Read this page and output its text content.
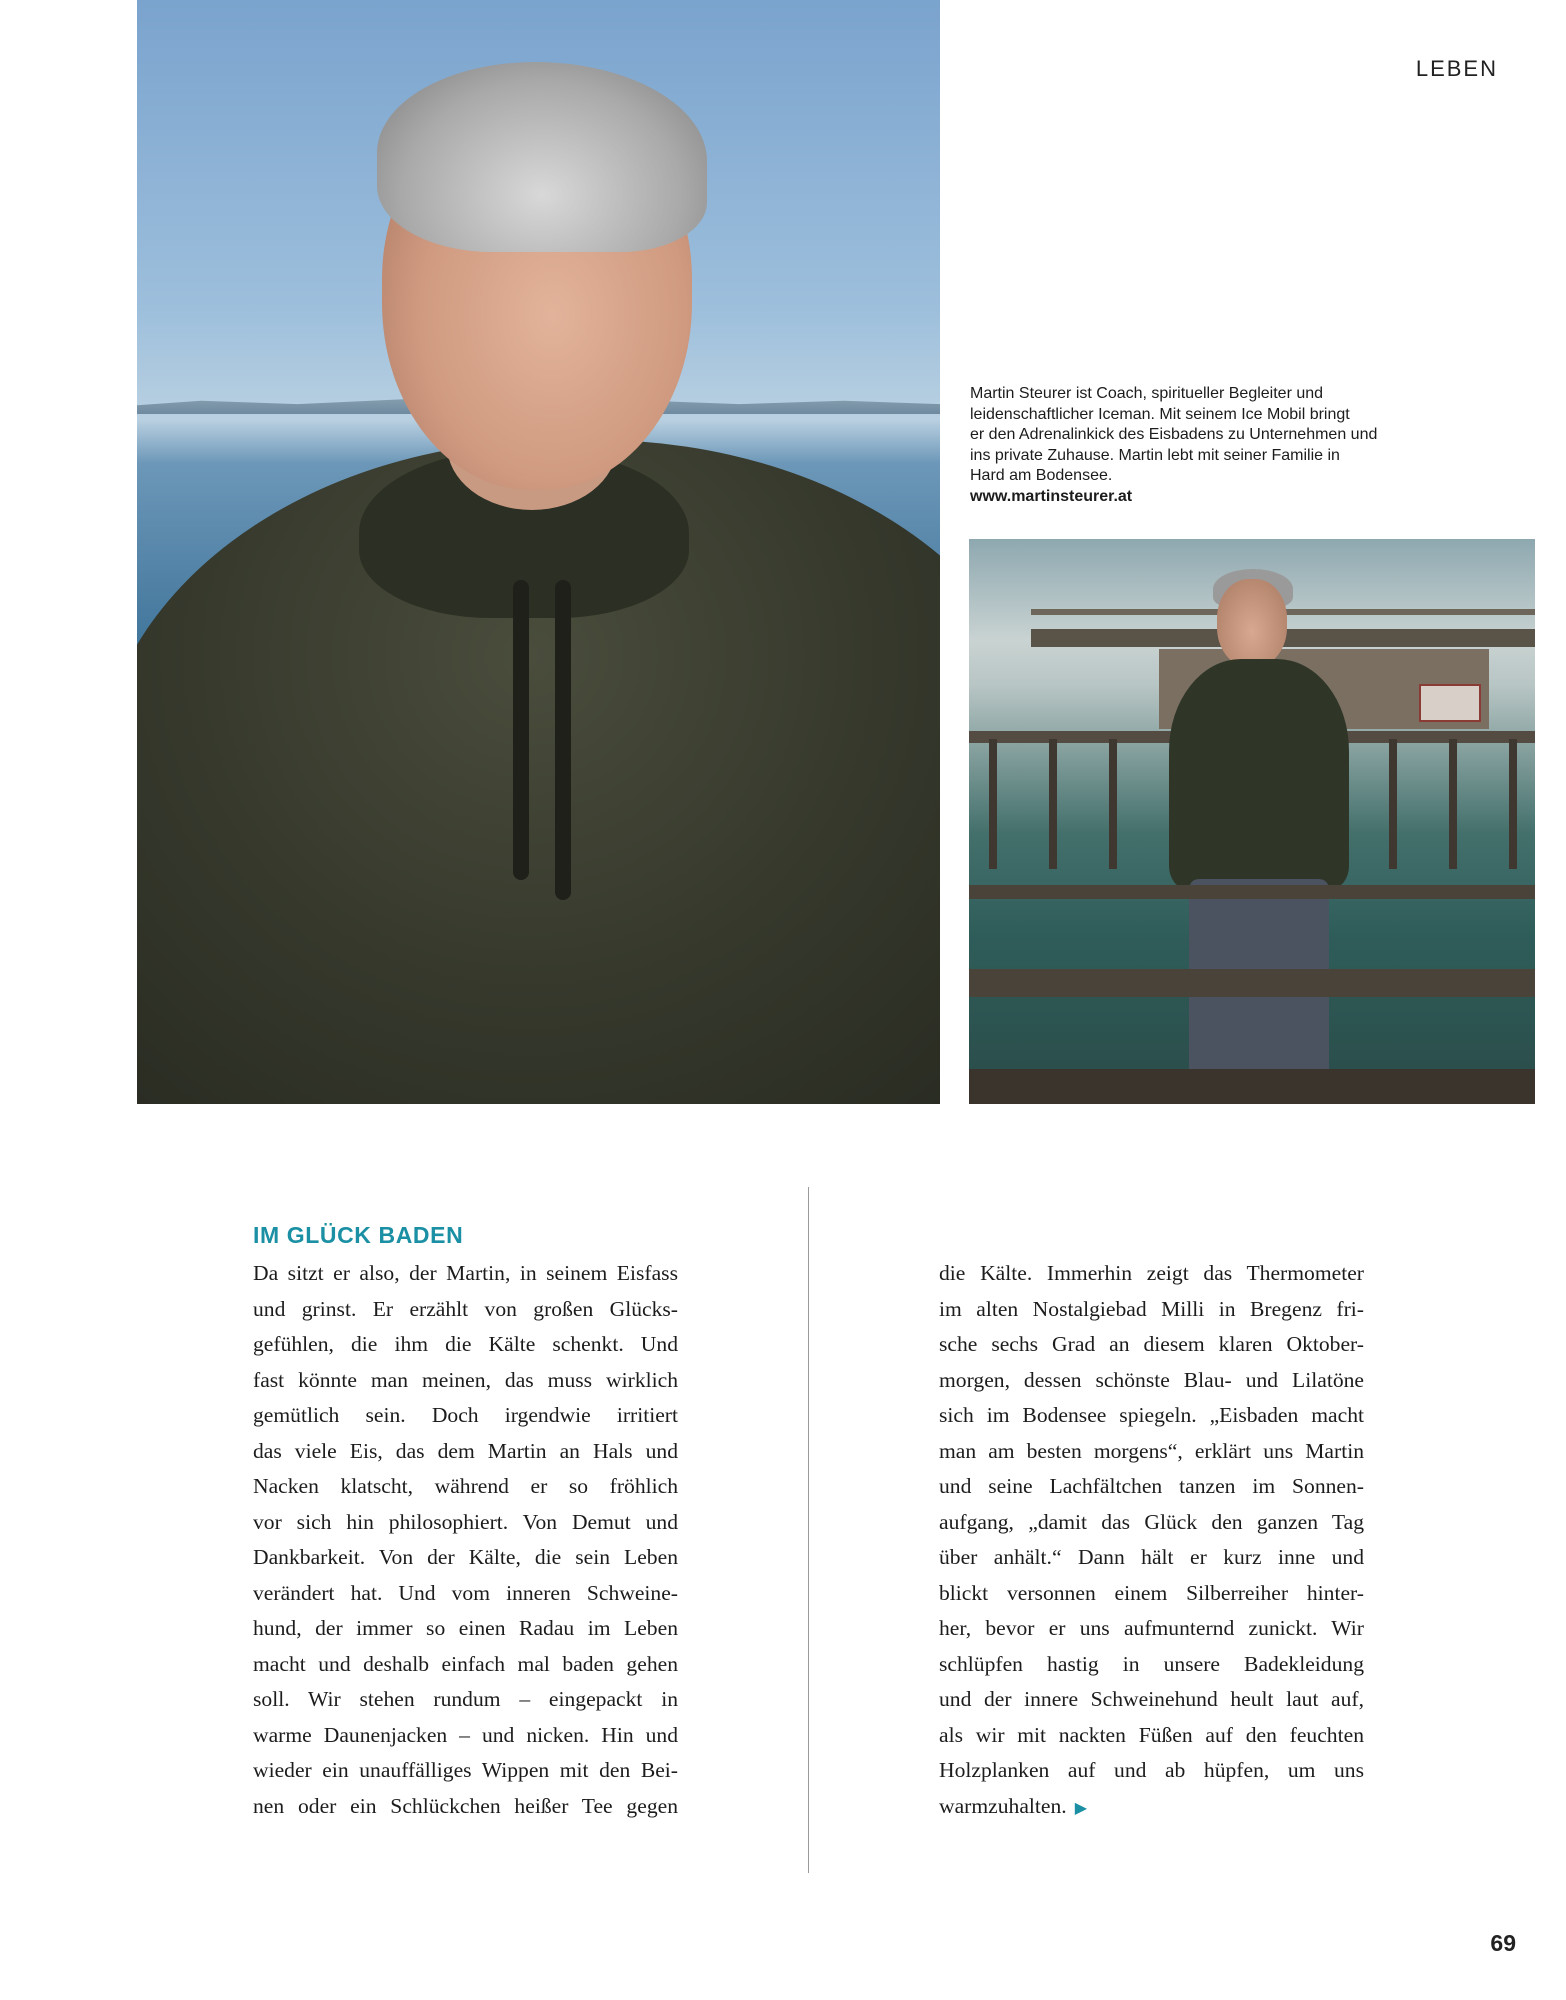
LEBEN
Martin Steurer ist Coach, spiritueller Begleiter und
leidenschaftlicher Iceman. Mit seinem Ice Mobil bringt
er den Adrenalinkick des Eisbadens zu Unternehmen und
ins private Zuhause. Martin lebt mit seiner Familie in
Hard am Bodensee.
www.martinsteurer.at
IM GLÜCK BADEN
Da sitzt er also, der Martin, in seinem Eisfass
und grinst. Er erzählt von großen Glücks-
gefühlen, die ihm die Kälte schenkt. Und
fast könnte man meinen, das muss wirklich
gemütlich sein. Doch irgendwie irritiert
das viele Eis, das dem Martin an Hals und
Nacken klatscht, während er so fröhlich
vor sich hin philosophiert. Von Demut und
Dankbarkeit. Von der Kälte, die sein Leben
verändert hat. Und vom inneren Schweine-
hund, der immer so einen Radau im Leben
macht und deshalb einfach mal baden gehen
soll. Wir stehen rundum – eingepackt in
warme Daunenjacken – und nicken. Hin und
wieder ein unauffälliges Wippen mit den Bei-
nen oder ein Schlückchen heißer Tee gegen
die Kälte. Immerhin zeigt das Thermometer
im alten Nostalgiebad Milli in Bregenz fri-
sche sechs Grad an diesem klaren Oktober-
morgen, dessen schönste Blau- und Lilatöne
sich im Bodensee spiegeln. „Eisbaden macht
man am besten morgens“, erklärt uns Martin
und seine Lachfältchen tanzen im Sonnen-
aufgang, „damit das Glück den ganzen Tag
über anhält.“ Dann hält er kurz inne und
blickt versonnen einem Silberreiher hinter-
her, bevor er uns aufmunternd zunickt. Wir
schlüpfen hastig in unsere Badekleidung
und der innere Schweinehund heult laut auf,
als wir mit nackten Füßen auf den feuchten
Holzplanken auf und ab hüpfen, um uns
warmzuhalten. ▶
69
